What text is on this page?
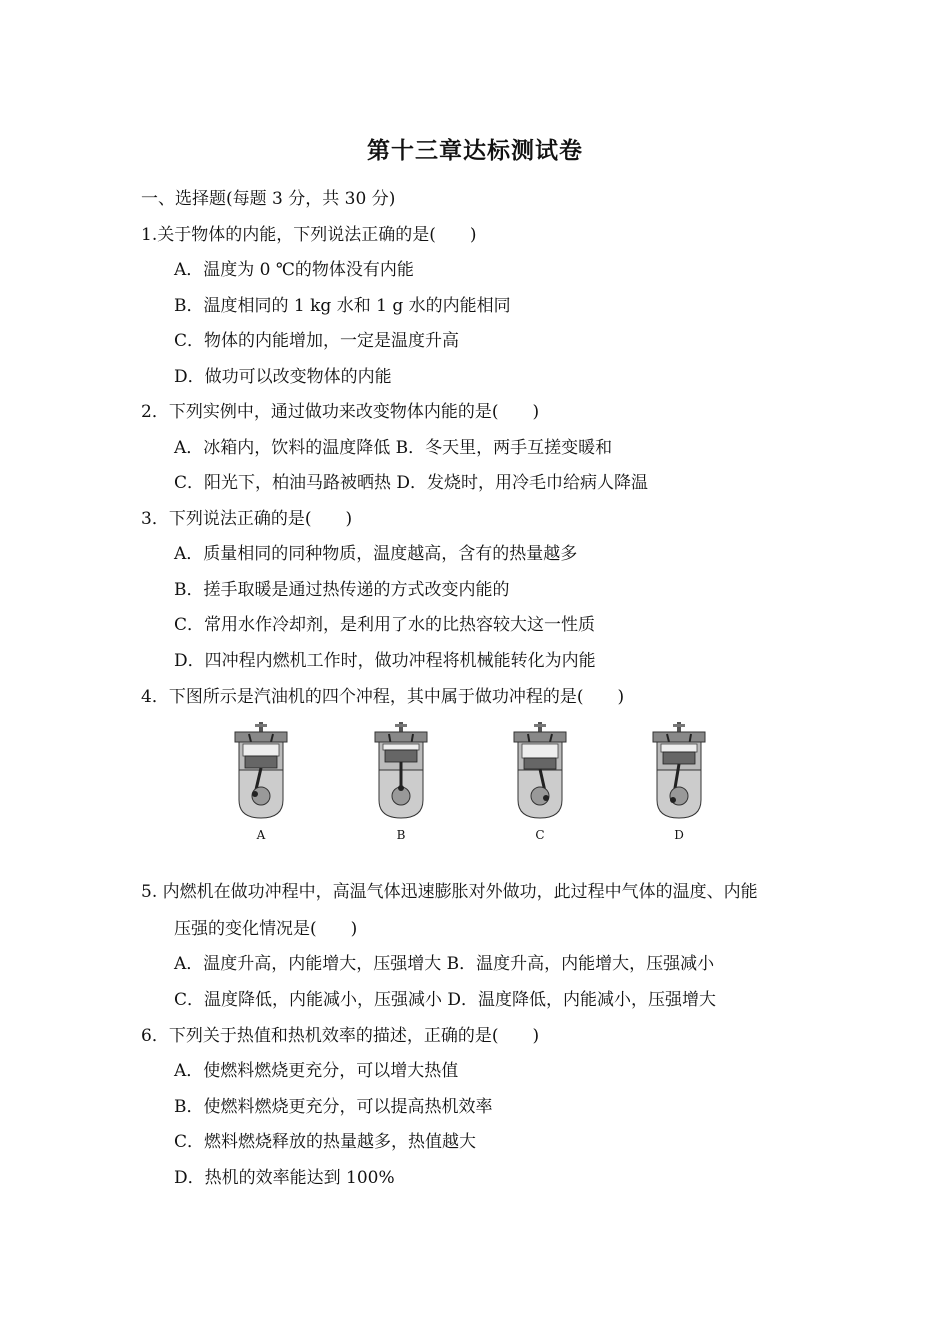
第十三章达标测试卷
一、选择题(每题 3 分，共 30 分)
1.关于物体的内能，下列说法正确的是(　　)
A．温度为 0 ℃的物体没有内能
B．温度相同的 1 kg 水和 1 g 水的内能相同
C．物体的内能增加，一定是温度升高
D．做功可以改变物体的内能
2．下列实例中，通过做功来改变物体内能的是(　　)
A．冰箱内，饮料的温度降低 B．冬天里，两手互搓变暖和
C．阳光下，柏油马路被晒热 D．发烧时，用冷毛巾给病人降温
3．下列说法正确的是(　　)
A．质量相同的同种物质，温度越高，含有的热量越多
B．搓手取暖是通过热传递的方式改变内能的
C．常用水作冷却剂，是利用了水的比热容较大这一性质
D．四冲程内燃机工作时，做功冲程将机械能转化为内能
4．下图所示是汽油机的四个冲程，其中属于做功冲程的是(　　)
A	B	C	D
5. 内燃机在做功冲程中，高温气体迅速膨胀对外做功，此过程中气体的温度、内能
压强的变化情况是(　　)
A．温度升高，内能增大，压强增大 B．温度升高，内能增大，压强减小
C．温度降低，内能减小，压强减小 D．温度降低，内能减小，压强增大
6．下列关于热值和热机效率的描述，正确的是(　　)
A．使燃料燃烧更充分，可以增大热值
B．使燃料燃烧更充分，可以提高热机效率
C．燃料燃烧释放的热量越多，热值越大
D．热机的效率能达到 100%
